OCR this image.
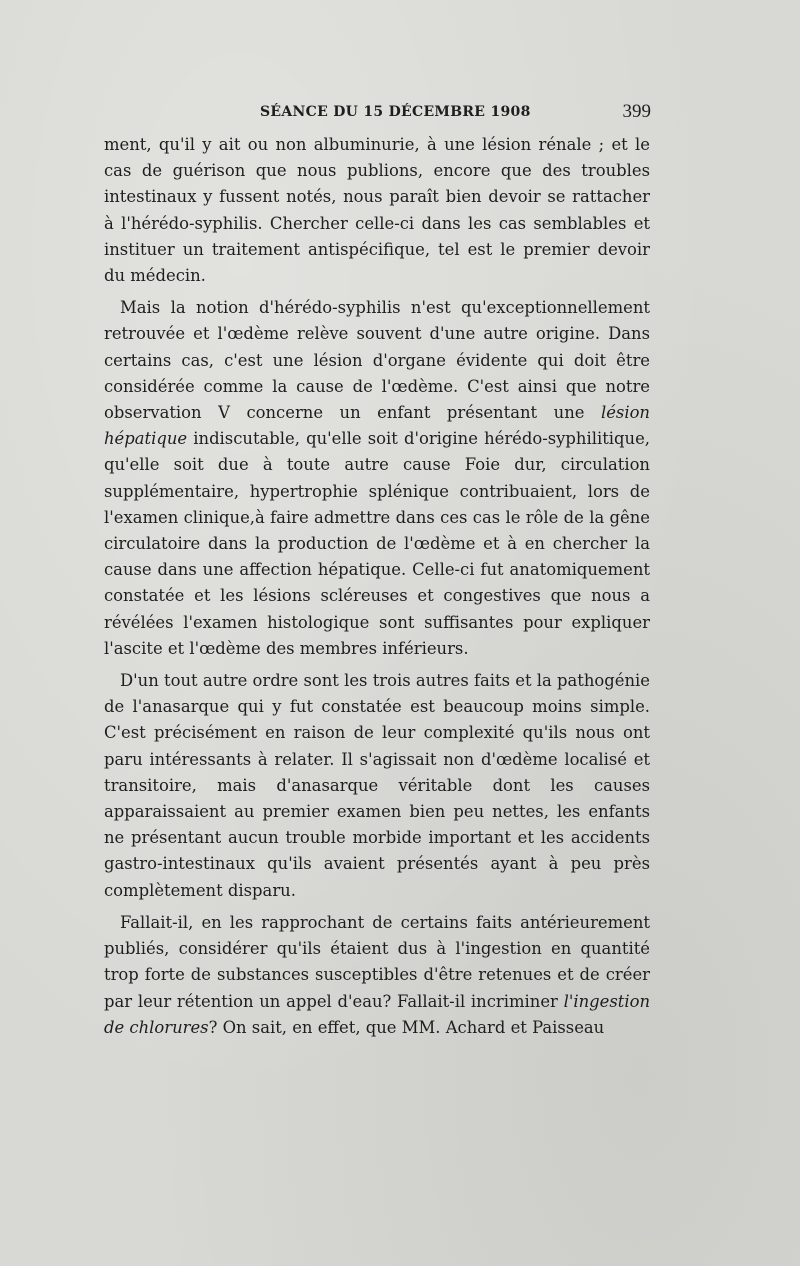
SÉANCE DU 15 DÉCEMBRE 1908	399

ment, qu'il y ait ou non albuminurie, à une lésion rénale ; et le cas de guérison que nous publions, encore que des troubles intestinaux y fussent notés, nous paraît bien devoir se rattacher à l'hérédo-syphilis. Chercher celle-ci dans les cas semblables et instituer un traitement antispécifique, tel est le premier devoir du médecin.

Mais la notion d'hérédo-syphilis n'est qu'exceptionnellement retrouvée et l'œdème relève souvent d'une autre origine. Dans certains cas, c'est une lésion d'organe évidente qui doit être considérée comme la cause de l'œdème. C'est ainsi que notre observation V concerne un enfant présentant une lésion hépatique indiscutable, qu'elle soit d'origine hérédo-syphilitique, qu'elle soit due à toute autre cause Foie dur, circulation supplémentaire, hypertrophie splénique contribuaient, lors de l'examen clinique,à faire admettre dans ces cas le rôle de la gêne circulatoire dans la production de l'œdème et à en chercher la cause dans une affection hépatique. Celle-ci fut anatomiquement constatée et les lésions scléreuses et congestives que nous a révélées l'examen histologique sont suffisantes pour expliquer l'ascite et l'œdème des membres inférieurs.

D'un tout autre ordre sont les trois autres faits et la pathogénie de l'anasarque qui y fut constatée est beaucoup moins simple. C'est précisément en raison de leur complexité qu'ils nous ont paru intéressants à relater. Il s'agissait non d'œdème localisé et transitoire, mais d'anasarque véritable dont les causes apparaissaient au premier examen bien peu nettes, les enfants ne présentant aucun trouble morbide important et les accidents gastro-intestinaux qu'ils avaient présentés ayant à peu près complètement disparu.

Fallait-il, en les rapprochant de certains faits antérieurement publiés, considérer qu'ils étaient dus à l'ingestion en quantité trop forte de substances susceptibles d'être retenues et de créer par leur rétention un appel d'eau? Fallait-il incriminer l'ingestion de chlorures? On sait, en effet, que MM. Achard et Paisseau
